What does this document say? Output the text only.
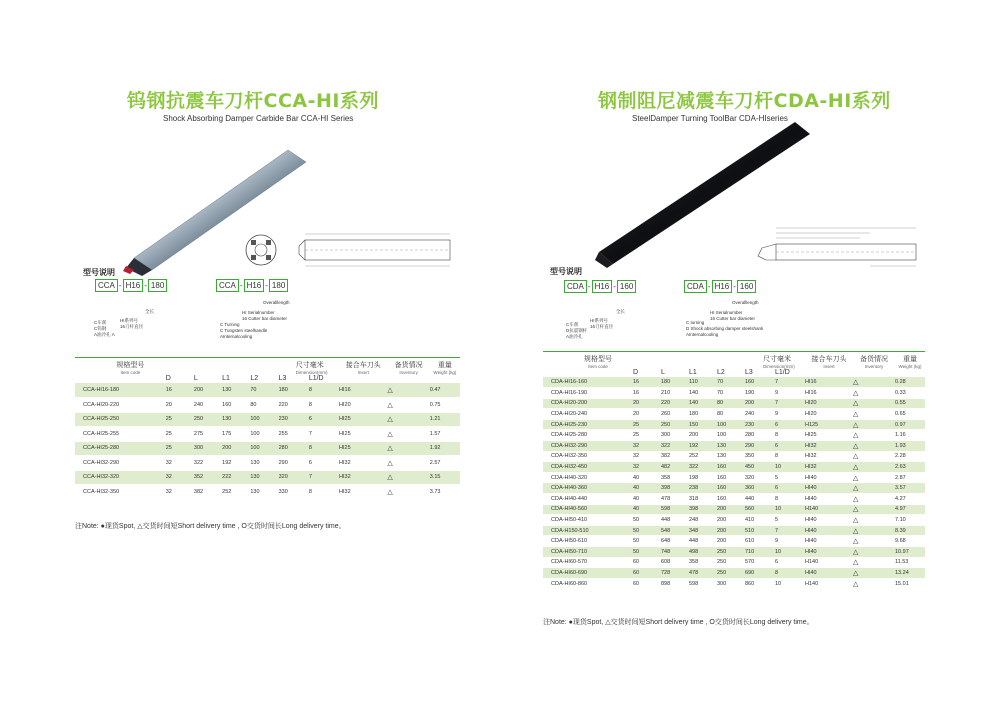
钨钢抗震车刀杆CCA-HI系列
Shock Absorbing Damper Carbide Bar CCA-HI Series
型号说明
CCA - H16 - 180
C车削
C钨钢
A油冷孔 A
HI系列号
16刀杆直径
全长
CCA - H16 - 180
C Turning
C Tungsten steelhandle
AInternalcooling
HI Serialnumber
16 Cutter bar diameter
Overalllength
规格型号
Item code	尺寸毫米
Dimension(mm)						接合车刀头
Insert	备货情况
Inventory	重量
Weight (kg)

	D	L	L1	L2	L3	L1/D			
CCA-HI16-180	16	200	130	70	180	8	HI16	△	0.47
CCA-HI20-220	20	240	160	80	220	8	HI20	△	0.75
CCA-HI25-250	25	250	130	100	230	6	HI25	△	1.21
CCA-HI25-255	25	275	175	100	255	7	HI25	△	1.57
CCA-HI25-280	25	300	200	100	280	8	HI25	△	1.92
CCA-HI32-290	32	322	192	130	290	6	HI32	△	2.57
CCA-HI32-320	32	352	222	130	320	7	HI32	△	3.15
CCA-HI32-350	32	382	252	130	330	8	HI32	△	3.73
注Note: ●现货Spot, △交货时间短Short delivery time , O交货时间长Long delivery time。
钢制阻尼减震车刀杆CDA-HI系列
SteelDamper Turning ToolBar CDA-HIseries
型号说明
CDA - H16 - 160
C车削
D抗震钢杆
A油冷孔
HI系列号
16刀杆直径
全长
CDA - H16 - 160
C turning
D Shock absorbing damper steelshank
AInternalcooling
HI Serialnumber
16 Cutter bar diameter
Overalllength
规格型号
Item code	尺寸毫米
Dimension(mm)						接合车刀头
Insert	备货情况
Inventory	重量
Weight (kg)

	D	L	L1	L2	L3	L1/D			
CDA-HI16-160	16	180	110	70	160	7	HI16	△	0.28
CDA-HI16-190	16	210	140	70	190	9	HI16	△	0.33
CDA-HI20-200	20	220	140	80	200	7	HI20	△	0.55
CDA-HI20-240	20	260	180	80	240	9	HI20	△	0.65
CDA-HI25-230	25	250	150	100	230	6	H125	△	0.97
CDA-HI25-280	25	300	200	100	280	8	HI25	△	1.16
CDA-HI32-290	32	322	192	130	290	6	HI32	△	1.93
CDA-HI32-350	32	382	252	130	350	8	HI32	△	2.28
CDA-HI32-450	32	482	322	160	450	10	HI32	△	2.63
CDA-HI40-320	40	358	198	160	320	5	HI40	△	2.87
CDA-HI40-360	40	398	238	160	360	6	HI40	△	3.57
CDA-HI40-440	40	478	318	160	440	8	HI40	△	4.27
CDA-HI40-560	40	598	398	200	560	10	H140	△	4.97
CDA-HI50-410	50	448	248	200	410	5	HI40	△	7.10
CDA-H150-510	50	548	348	200	510	7	HI40	△	8.39
CDA-HI50-610	50	648	448	200	610	9	HI40	△	9.68
CDA-HI50-710	50	748	498	250	710	10	HI40	△	10.97
CDA-HI60-570	60	608	358	250	570	6	H140	△	11.53
CDA-HI60-690	60	728	478	250	690	8	HI40	△	13.24
CDA-HI60-860	60	898	598	300	860	10	H140	△	15.01
注Note: ●现货Spot, △交货时间短Short delivery time , O交货时间长Long delivery time。
